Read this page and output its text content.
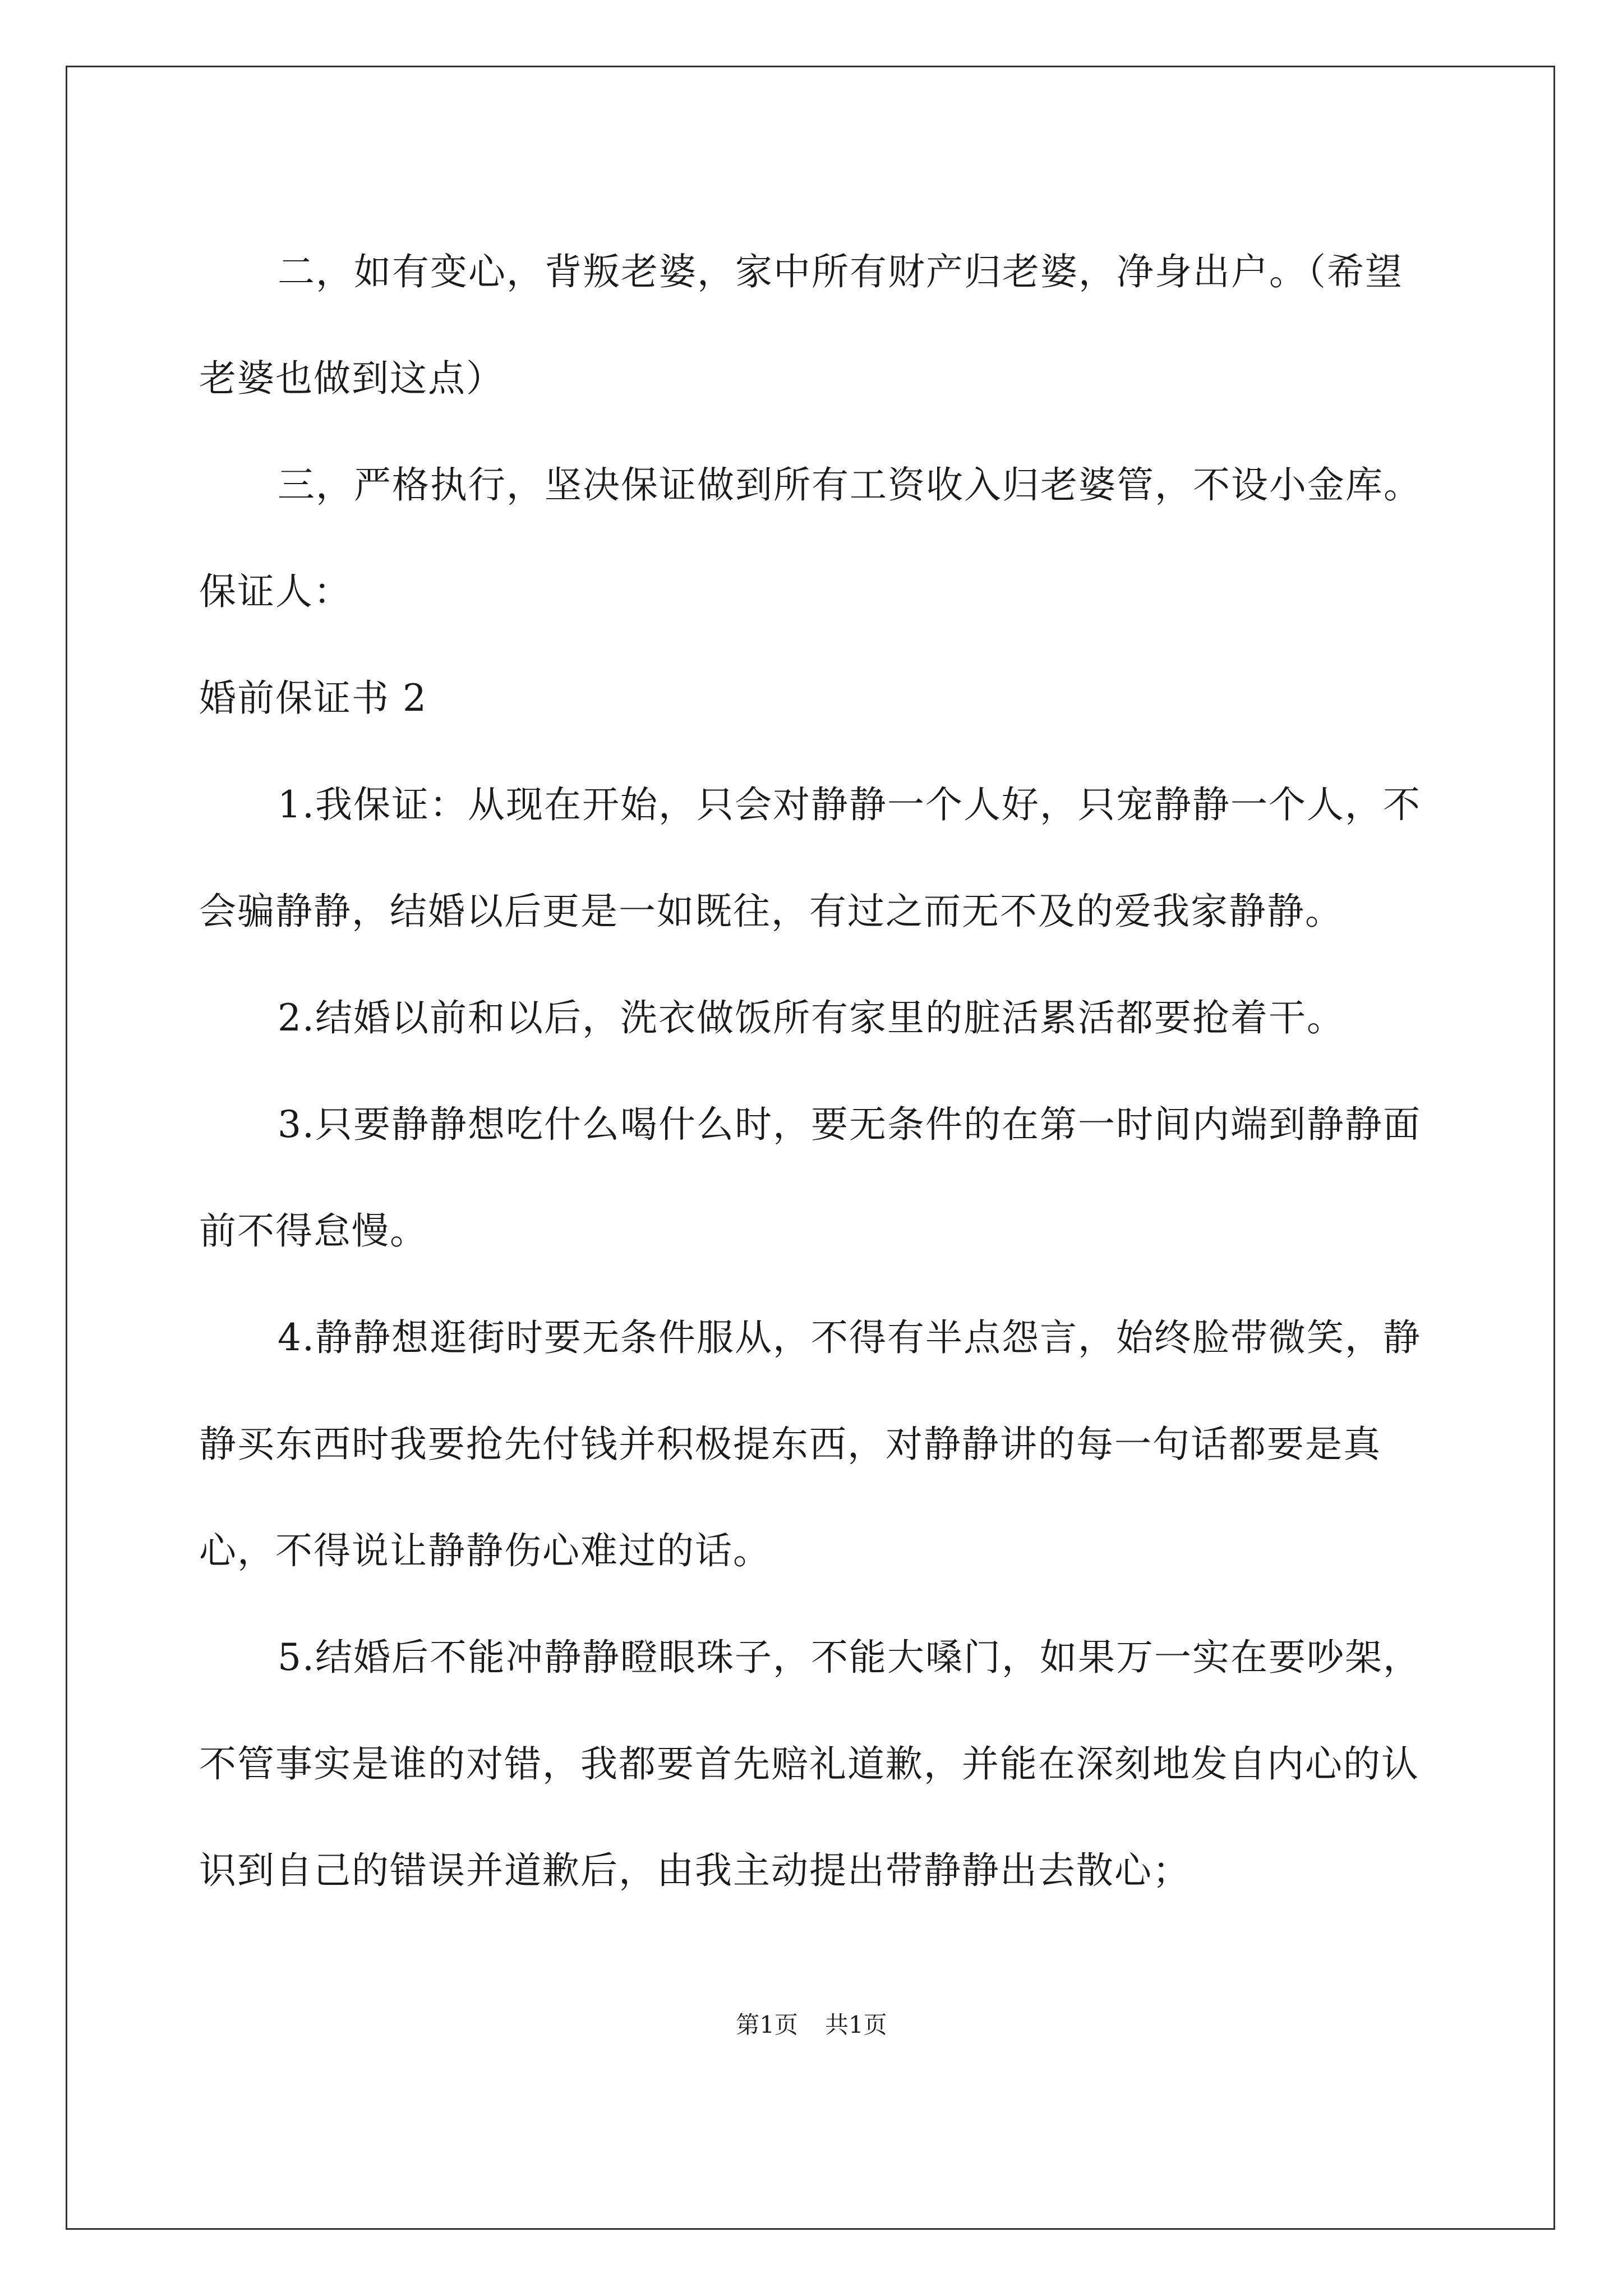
二，如有变心，背叛老婆，家中所有财产归老婆，净身出户。（希望老婆也做到这点）

三，严格执行，坚决保证做到所有工资收入归老婆管，不设小金库。

保证人：

婚前保证书 2

1.我保证：从现在开始，只会对静静一个人好，只宠静静一个人，不会骗静静，结婚以后更是一如既往，有过之而无不及的爱我家静静。

2.结婚以前和以后，洗衣做饭所有家里的脏活累活都要抢着干。

3.只要静静想吃什么喝什么时，要无条件的在第一时间内端到静静面前不得怠慢。

4.静静想逛街时要无条件服从，不得有半点怨言，始终脸带微笑，静静买东西时我要抢先付钱并积极提东西，对静静讲的每一句话都要是真心，不得说让静静伤心难过的话。

5.结婚后不能冲静静瞪眼珠子，不能大嗓门，如果万一实在要吵架，不管事实是谁的对错，我都要首先赔礼道歉，并能在深刻地发自内心的认识到自己的错误并道歉后，由我主动提出带静静出去散心；

第1页 共1页
